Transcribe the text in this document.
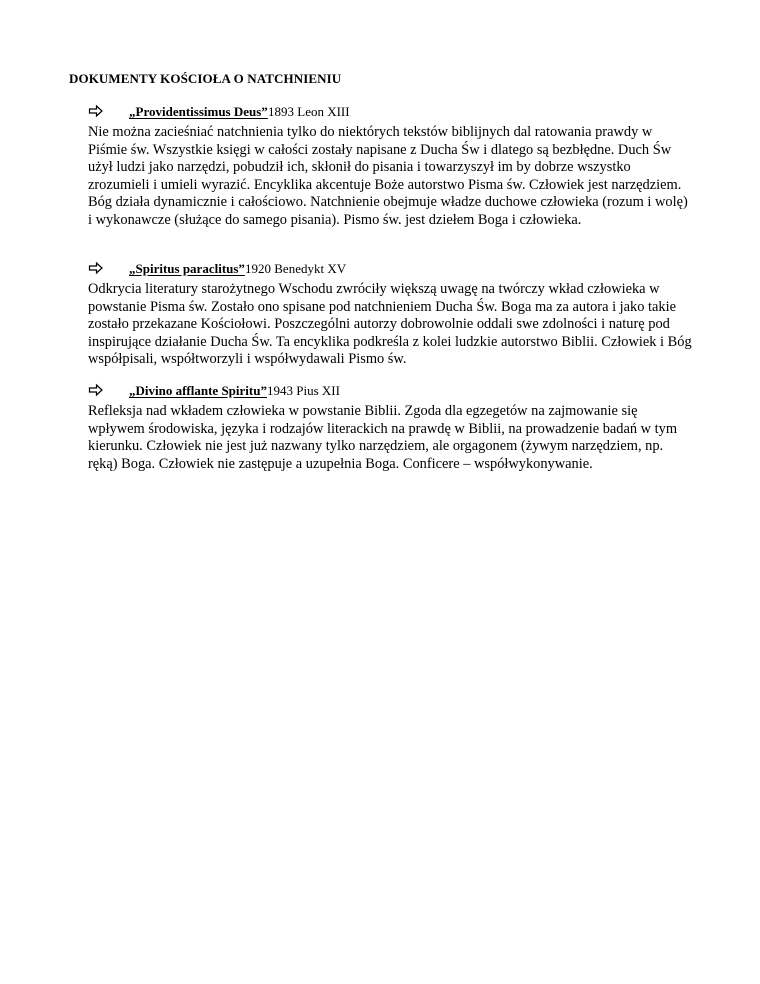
DOKUMENTY KOŚCIOŁA O NATCHNIENIU
„Providentissimus Deus” 1893 Leon XIII
Nie można zacieśniać natchnienia tylko do niektórych tekstów biblijnych dal ratowania prawdy w Piśmie św. Wszystkie księgi w całości zostały napisane z Ducha Św i dlatego są bezbłędne. Duch Św użył ludzi jako narzędzi, pobudził ich, skłonił do pisania i towarzyszył im by dobrze wszystko zrozumieli i umieli wyrazić. Encyklika akcentuje Boże autorstwo Pisma św. Człowiek jest narzędziem. Bóg działa dynamicznie i całościowo. Natchnienie obejmuje władze duchowe człowieka (rozum i wolę) i wykonawcze (służące do samego pisania). Pismo św. jest dziełem Boga i człowieka.
„Spiritus paraclitus” 1920 Benedykt XV
Odkrycia literatury starożytnego Wschodu zwróciły większą uwagę na twórczy wkład człowieka w powstanie Pisma św. Zostało ono spisane pod natchnieniem Ducha Św. Boga ma za autora i jako takie zostało przekazane Kościołowi. Poszczególni autorzy dobrowolnie oddali swe zdolności i naturę pod inspirujące działanie Ducha Św. Ta encyklika podkreśla z kolei ludzkie autorstwo Biblii. Człowiek i Bóg współpisali, współtworzyli i współwydawali Pismo św.
„Divino afflante Spiritu” 1943 Pius XII
Refleksja nad wkładem człowieka w powstanie Biblii. Zgoda dla egzegetów na zajmowanie się wpływem środowiska, języka i rodzajów literackich na prawdę w Biblii, na prowadzenie badań w tym kierunku. Człowiek nie jest już nazwany tylko narzędziem, ale orgagonem (żywym narzędziem, np. ręką) Boga. Człowiek nie zastępuje a uzupełnia Boga. Conficere – współwykonywanie.
